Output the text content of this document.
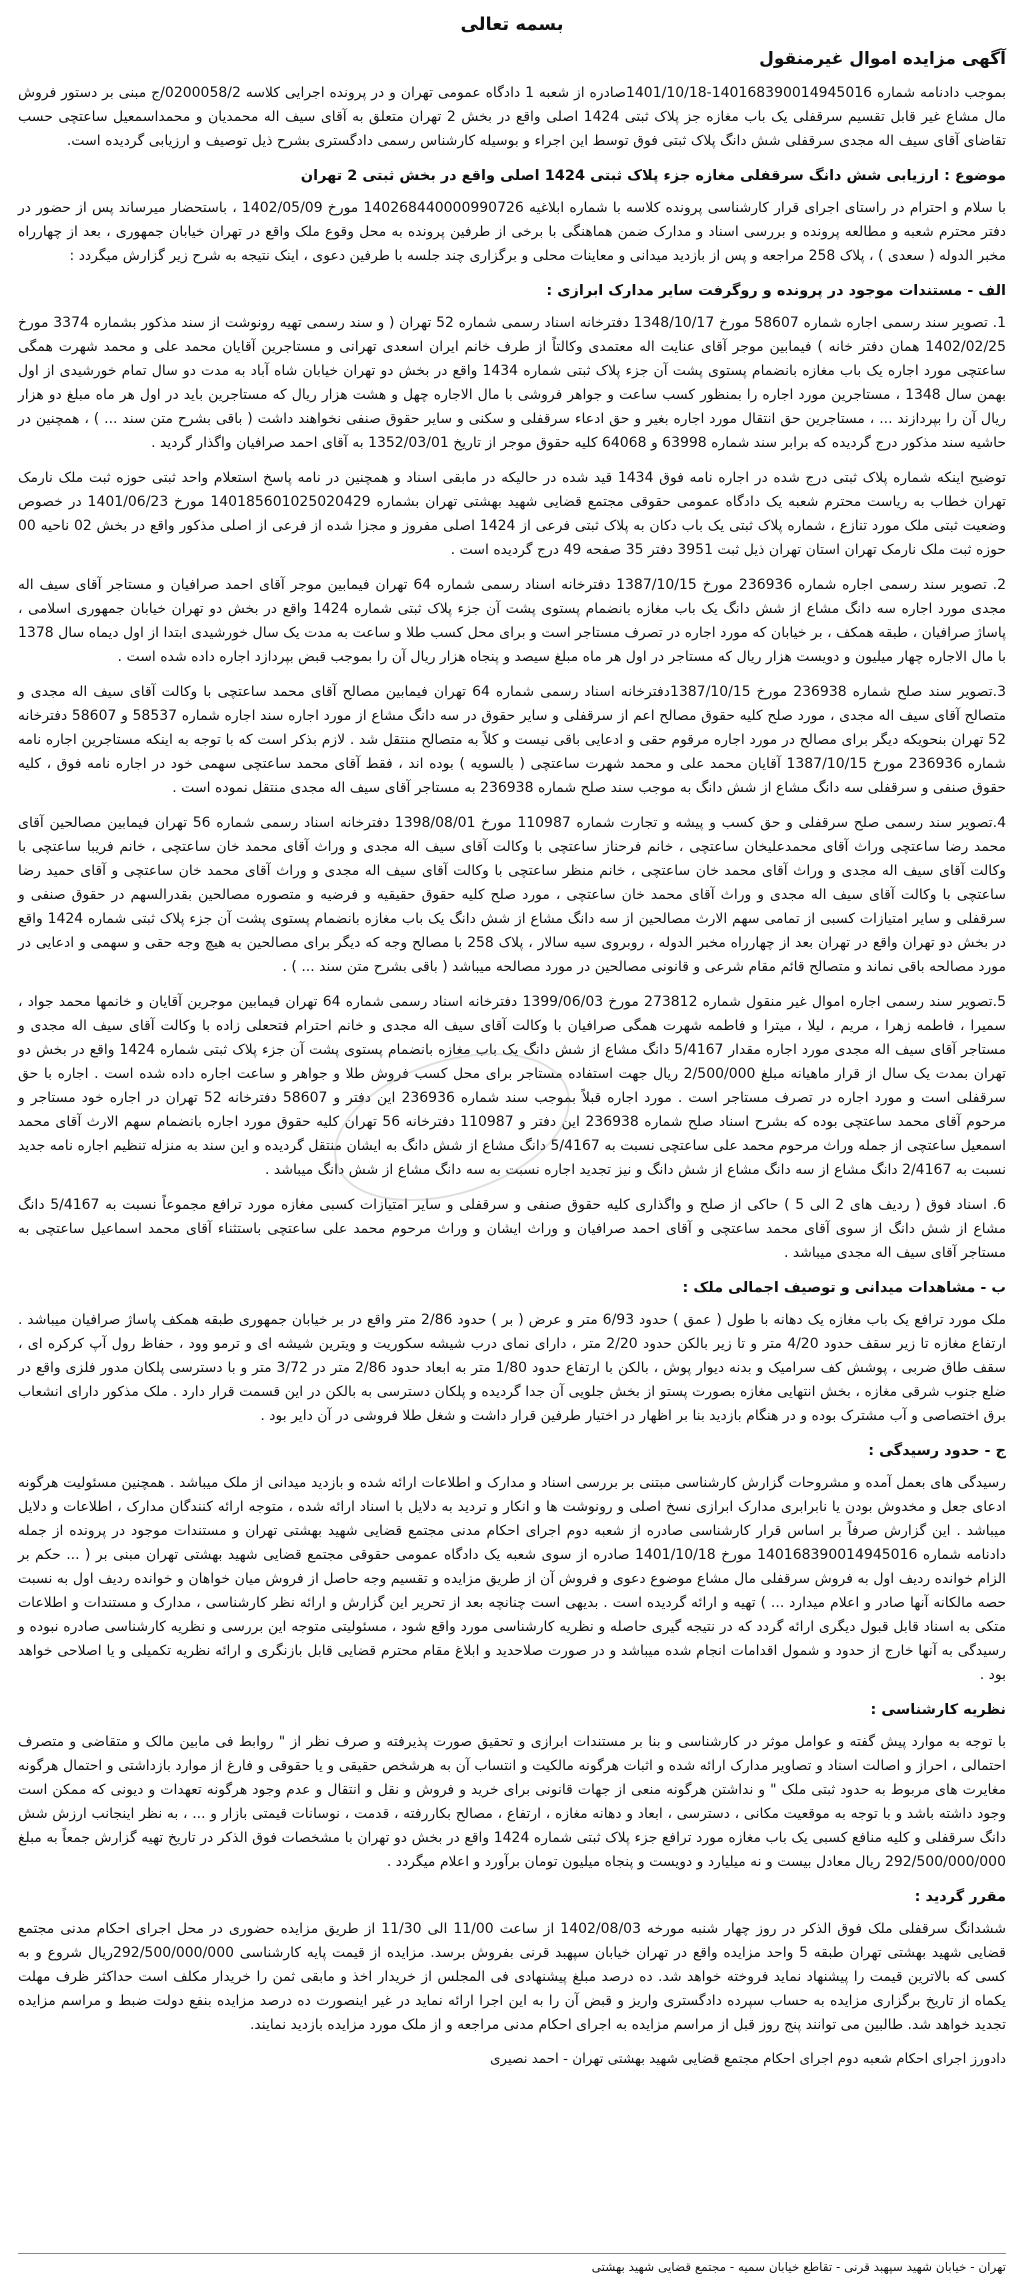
بسمه تعالی
آگهی مزایده اموال غیرمنقول

بموجب دادنامه شماره 140168390014945016-1401/10/18صادره از شعبه 1 دادگاه عمومی تهران و در پرونده اجرایی کلاسه 0200058/2/ج مبنی بر دستور فروش مال مشاع غیر قابل تقسیم سرقفلی یک باب مغازه جز پلاک ثبتی 1424 اصلی واقع در بخش 2 تهران متعلق به آقای سیف اله محمدیان و محمداسمعیل ساعتچی حسب تقاضای آقای سیف اله مجدی سرقفلی شش دانگ پلاک ثبتی فوق توسط این اجراء و بوسیله کارشناس رسمی دادگستری بشرح ذیل توصیف و ارزیابی گردیده است.

موضوع : ارزیابی شش دانگ سرقفلی مغازه جزء پلاک ثبتی 1424 اصلی واقع در بخش ثبتی 2 تهران

با سلام و احترام در راستای اجرای قرار کارشناسی پرونده کلاسه با شماره ابلاغیه 140268440000990726 مورخ 1402/05/09 ، باستحضار میرساند پس از حضور در دفتر محترم شعبه و مطالعه پرونده و بررسی اسناد و مدارک ضمن هماهنگی با برخی از طرفین پرونده به محل وقوع ملک واقع در تهران خیابان جمهوری ، بعد از چهارراه مخبر الدوله ( سعدی ) ، پلاک 258 مراجعه و پس از بازدید میدانی و معاینات محلی و برگزاری چند جلسه با طرفین دعوی ، اینک نتیجه به شرح زیر گزارش میگردد :

الف - مستندات موجود در پرونده و روگرفت سایر مدارک ابرازی :

1. تصویر سند رسمی اجاره شماره 58607 مورخ 1348/10/17 دفترخانه اسناد رسمی شماره 52 تهران ( و سند رسمی تهیه رونوشت از سند مذکور بشماره 3374 مورخ 1402/02/25 همان دفتر خانه ) فیمابین موجر آقای عنایت اله معتمدی وکالتاً از طرف خانم ایران اسعدی تهرانی و مستاجرین آقایان محمد علی و محمد شهرت همگی ساعتچی مورد اجاره یک باب مغازه بانضمام پستوی پشت آن جزء پلاک ثبتی شماره 1434 واقع در بخش دو تهران خیابان شاه آباد به مدت دو سال تمام خورشیدی از اول بهمن سال 1348 ، مستاجرین مورد اجاره را بمنظور کسب ساعت و جواهر فروشی با مال الاجاره چهل و هشت هزار ریال که مستاجرین باید در اول هر ماه مبلغ دو هزار ریال آن را بپردازند ... ، مستاجرین حق انتقال مورد اجاره بغیر و حق ادعاء سرقفلی و سکنی و سایر حقوق صنفی نخواهند داشت ( باقی بشرح متن سند ... ) ، همچنین در حاشیه سند مذکور درج گردیده که برابر سند شماره 63998 و 64068 کلیه حقوق موجر از تاریخ 1352/03/01 به آقای احمد صرافیان واگذار گردید .

توضیح اینکه شماره پلاک ثبتی درج شده در اجاره نامه فوق 1434 قید شده در حالیکه در مابقی اسناد و همچنین در نامه پاسخ استعلام واحد ثبتی حوزه ثبت ملک نارمک تهران خطاب به ریاست محترم شعبه یک دادگاه عمومی حقوقی مجتمع قضایی شهید بهشتی تهران بشماره 140185601025020429 مورخ 1401/06/23 در خصوص وضعیت ثبتی ملک مورد تنازع ، شماره پلاک ثبتی یک باب دکان به پلاک ثبتی فرعی از 1424 اصلی مفروز و مجزا شده از فرعی از اصلی مذکور واقع در بخش 02 ناحیه 00 حوزه ثبت ملک نارمک تهران استان تهران ذیل ثبت 3951 دفتر 35 صفحه 49 درج گردیده است .

2. تصویر سند رسمی اجاره شماره 236936 مورخ 1387/10/15 دفترخانه اسناد رسمی شماره 64 تهران فیمابین موجر آقای احمد صرافیان و مستاجر آقای سیف اله مجدی مورد اجاره سه دانگ مشاع از شش دانگ یک باب مغازه بانضمام پستوی پشت آن جزء پلاک ثبتی شماره 1424 واقع در بخش دو تهران خیابان جمهوری اسلامی ، پاساژ صرافیان ، طبقه همکف ، بر خیابان که مورد اجاره در تصرف مستاجر است و برای محل کسب طلا و ساعت به مدت یک سال خورشیدی ابتدا از اول دیماه سال 1378 با مال الاجاره چهار میلیون و دویست هزار ریال که مستاجر در اول هر ماه مبلغ سیصد و پنجاه هزار ریال آن را بموجب قبض بپردازد اجاره داده شده است .

3.تصویر سند صلح شماره 236938 مورخ 1387/10/15دفترخانه اسناد رسمی شماره 64 تهران فیمابین مصالح آقای محمد ساعتچی با وکالت آقای سیف اله مجدی و متصالح آقای سیف اله مجدی ، مورد صلح کلیه حقوق مصالح اعم از سرقفلی و سایر حقوق در سه دانگ مشاع از مورد اجاره سند اجاره شماره 58537 و 58607 دفترخانه 52 تهران بنحویکه دیگر برای مصالح در مورد اجاره مرقوم حقی و ادعایی باقی نیست و کلاً به متصالح منتقل شد . لازم بذکر است که با توجه به اینکه مستاجرین اجاره نامه شماره 236936 مورخ 1387/10/15 آقایان محمد علی و محمد شهرت ساعتچی ( بالسویه ) بوده اند ، فقط آقای محمد ساعتچی سهمی خود در اجاره نامه فوق ، کلیه حقوق صنفی و سرقفلی سه دانگ مشاع از شش دانگ به موجب سند صلح شماره 236938 به مستاجر آقای سیف اله مجدی منتقل نموده است .

4.تصویر سند رسمی صلح سرقفلی و حق کسب و پیشه و تجارت شماره 110987 مورخ 1398/08/01 دفترخانه اسناد رسمی شماره 56 تهران فیمابین مصالحین آقای محمد رضا ساعتچی وراث آقای محمدعلیخان ساعتچی ، خانم فرحناز ساعتچی با وکالت آقای سیف اله مجدی و وراث آقای محمد خان ساعتچی ، خانم فریبا ساعتچی با وکالت آقای سیف اله مجدی و وراث آقای محمد خان ساعتچی ، خانم منظر ساعتچی با وکالت آقای سیف اله مجدی و وراث آقای محمد خان ساعتچی و آقای حمید رضا ساعتچی با وکالت آقای سیف اله مجدی و وراث آقای محمد خان ساعتچی ، مورد صلح کلیه حقوق حقیقیه و فرضیه و متصوره مصالحین بقدرالسهم در حقوق صنفی و سرقفلی و سایر امتیازات کسبی از تمامی سهم الارث مصالحین از سه دانگ مشاع از شش دانگ یک باب مغازه بانضمام پستوی پشت آن جزء پلاک ثبتی شماره 1424 واقع در بخش دو تهران واقع در تهران بعد از چهارراه مخبر الدوله ، روبروی سیه سالار ، پلاک 258 با مصالح وجه که دیگر برای مصالحین به هیچ وجه حقی و سهمی و ادعایی در مورد مصالحه باقی نماند و متصالح قائم مقام شرعی و قانونی مصالحین در مورد مصالحه میباشد ( باقی بشرح متن سند ... ) .

5.تصویر سند رسمی اجاره اموال غیر منقول شماره 273812 مورخ 1399/06/03 دفترخانه اسناد رسمی شماره 64 تهران فیمابین موجرین آقایان و خانمها محمد جواد ، سمیرا ، فاطمه زهرا ، مریم ، لیلا ، میترا و فاطمه شهرت همگی صرافیان با وکالت آقای سیف اله مجدی و خانم احترام فتحعلی زاده با وکالت آقای سیف اله مجدی و مستاجر آقای سیف اله مجدی مورد اجاره مقدار 5/4167 دانگ مشاع از شش دانگ یک باب مغازه بانضمام پستوی پشت آن جزء پلاک ثبتی شماره 1424 واقع در بخش دو تهران بمدت یک سال از قرار ماهیانه مبلغ 2/500/000 ریال جهت استفاده مستاجر برای محل کسب فروش طلا و جواهر و ساعت اجاره داده شده است . اجاره با حق سرقفلی است و مورد اجاره در تصرف مستاجر است . مورد اجاره قبلاً بموجب سند شماره 236936 این دفتر و 58607 دفترخانه 52 تهران در اجاره خود مستاجر و مرحوم آقای محمد ساعتچی بوده که بشرح اسناد صلح شماره 236938 این دفتر و 110987 دفترخانه 56 تهران کلیه حقوق مورد اجاره بانضمام سهم الارث آقای محمد اسمعیل ساعتچی از جمله وراث مرحوم محمد علی ساعتچی نسبت به 5/4167 دانگ مشاع از شش دانگ به ایشان منتقل گردیده و این سند به منزله تنظیم اجاره نامه جدید نسبت به 2/4167 دانگ مشاع از سه دانگ مشاع از شش دانگ و نیز تجدید اجاره نسبت به سه دانگ مشاع از شش دانگ میباشد .

6. اسناد فوق ( ردیف های 2 الی 5 ) حاکی از صلح و واگذاری کلیه حقوق صنفی و سرقفلی و سایر امتیازات کسبی مغازه مورد ترافع مجموعاً نسبت به 5/4167 دانگ مشاع از شش دانگ از سوی آقای محمد ساعتچی و آقای احمد صرافیان و وراث ایشان و وراث مرحوم محمد علی ساعتچی باستثناء آقای محمد اسماعیل ساعتچی به مستاجر آقای سیف اله مجدی میباشد .

ب - مشاهدات میدانی و توصیف اجمالی ملک :

ملک مورد ترافع یک باب مغازه یک دهانه با طول ( عمق ) حدود 6/93 متر و عرض ( بر ) حدود 2/86 متر واقع در بر خیابان جمهوری طبقه همکف پاساژ صرافیان میباشد . ارتفاع مغازه تا زیر سقف حدود 4/20 متر و تا زیر بالکن حدود 2/20 متر ، دارای نمای درب شیشه سکوریت و ویترین شیشه ای و ترمو وود ، حفاظ رول آپ کرکره ای ، سقف طاق ضربی ، پوشش کف سرامیک و بدنه دیوار پوش ، بالکن با ارتفاع حدود 1/80 متر به ابعاد حدود 2/86 متر در 3/72 متر و با دسترسی پلکان مدور فلزی واقع در ضلع جنوب شرقی مغازه ، بخش انتهایی مغازه بصورت پستو از بخش جلویی آن جدا گردیده و پلکان دسترسی به بالکن در این قسمت قرار دارد . ملک مذکور دارای انشعاب برق اختصاصی و آب مشترک بوده و در هنگام بازدید بنا بر اظهار در اختیار طرفین قرار داشت و شغل طلا فروشی در آن دایر بود .

ج - حدود رسیدگی :

رسیدگی های بعمل آمده و مشروحات گزارش کارشناسی مبتنی بر بررسی اسناد و مدارک و اطلاعات ارائه شده و بازدید میدانی از ملک میباشد . همچنین مسئولیت هرگونه ادعای جعل و مخدوش بودن یا نابرابری مدارک ابرازی نسخ اصلی و رونوشت ها و انکار و تردید به دلایل با اسناد ارائه شده ، متوجه ارائه کنندگان مدارک ، اطلاعات و دلایل میباشد . این گزارش صرفاً بر اساس قرار کارشناسی صادره از شعبه دوم اجرای احکام مدنی مجتمع قضایی شهید بهشتی تهران و مستندات موجود در پرونده از جمله دادنامه شماره 140168390014945016 مورخ 1401/10/18 صادره از سوی شعبه یک دادگاه عمومی حقوقی مجتمع قضایی شهید بهشتی تهران مبنی بر ( ... حکم بر الزام خوانده ردیف اول به فروش سرقفلی مال مشاع موضوع دعوی و فروش آن از طریق مزایده و تقسیم وجه حاصل از فروش میان خواهان و خوانده ردیف اول به نسبت حصه مالکانه آنها صادر و اعلام میدارد ... ) تهیه و ارائه گردیده است . بدیهی است چنانچه بعد از تحریر این گزارش و ارائه نظر کارشناسی ، مدارک و مستندات و اطلاعات متکی به اسناد قابل قبول دیگری ارائه گردد که در نتیجه گیری حاصله و نظریه کارشناسی مورد واقع شود ، مسئولیتی متوجه این بررسی و نظریه کارشناسی صادره نبوده و رسیدگی به آنها خارج از حدود و شمول اقدامات انجام شده میباشد و در صورت صلاحدید و ابلاغ مقام محترم قضایی قابل بازنگری و ارائه نظریه تکمیلی و یا اصلاحی خواهد بود .

نظریه کارشناسی :

با توجه به موارد پیش گفته و عوامل موثر در کارشناسی و بنا بر مستندات ابرازی و تحقیق صورت پذیرفته و صرف نظر از " روابط فی مابین مالک و متقاضی و متصرف احتمالی ، احراز و اصالت اسناد و تصاویر مدارک ارائه شده و اثبات هرگونه مالکیت و انتساب آن به هرشخص حقیقی و یا حقوقی و فارغ از موارد بازداشتی و احتمال هرگونه مغایرت های مربوط به حدود ثبتی ملک " و نداشتن هرگونه منعی از جهات قانونی برای خرید و فروش و نقل و انتقال و عدم وجود هرگونه تعهدات و دیونی که ممکن است وجود داشته باشد و با توجه به موقعیت مکانی ، دسترسی ، ابعاد و دهانه مغازه ، ارتفاع ، مصالح بکاررفته ، قدمت ، نوسانات قیمتی بازار و ... ، به نظر اینجانب ارزش شش دانگ سرقفلی و کلیه منافع کسبی یک باب مغازه مورد ترافع جزء پلاک ثبتی شماره 1424 واقع در بخش دو تهران با مشخصات فوق الذکر در تاریخ تهیه گزارش جمعاً به مبلغ 292/500/000/000 ریال معادل بیست و نه میلیارد و دویست و پنجاه میلیون تومان برآورد و اعلام میگردد .

مقرر گردید :

ششدانگ سرقفلی ملک فوق الذکر در روز چهار شنبه مورخه 1402/08/03 از ساعت 11/00 الی 11/30 از طریق مزایده حضوری در محل اجرای احکام مدنی مجتمع قضایی شهید بهشتی تهران طبقه 5 واحد مزایده واقع در تهران خیابان سپهبد قرنی بفروش برسد. مزایده از قیمت پایه کارشناسی 292/500/000/000ریال شروع و به کسی که بالاترین قیمت را پیشنهاد نماید فروخته خواهد شد. ده درصد مبلغ پیشنهادی فی المجلس از خریدار اخذ و مابقی ثمن را خریدار مکلف است حداکثر ظرف مهلت یکماه از تاریخ برگزاری مزایده به حساب سپرده دادگستری واریز و قبض آن را به این اجرا ارائه نماید در غیر اینصورت ده درصد مزایده بنفع دولت ضبط و مراسم مزایده تجدید خواهد شد. طالبین می توانند پنج روز قبل از مراسم مزایده به اجرای احکام مدنی مراجعه و از ملک مورد مزایده بازدید نمایند.

دادورز اجرای احکام شعبه دوم اجرای احکام مجتمع قضایی شهید بهشتی تهران - احمد نصیری
تهران - خیابان شهید سپهبد قرنی - تقاطع خیابان سمیه - مجتمع قضایی شهید بهشتی
